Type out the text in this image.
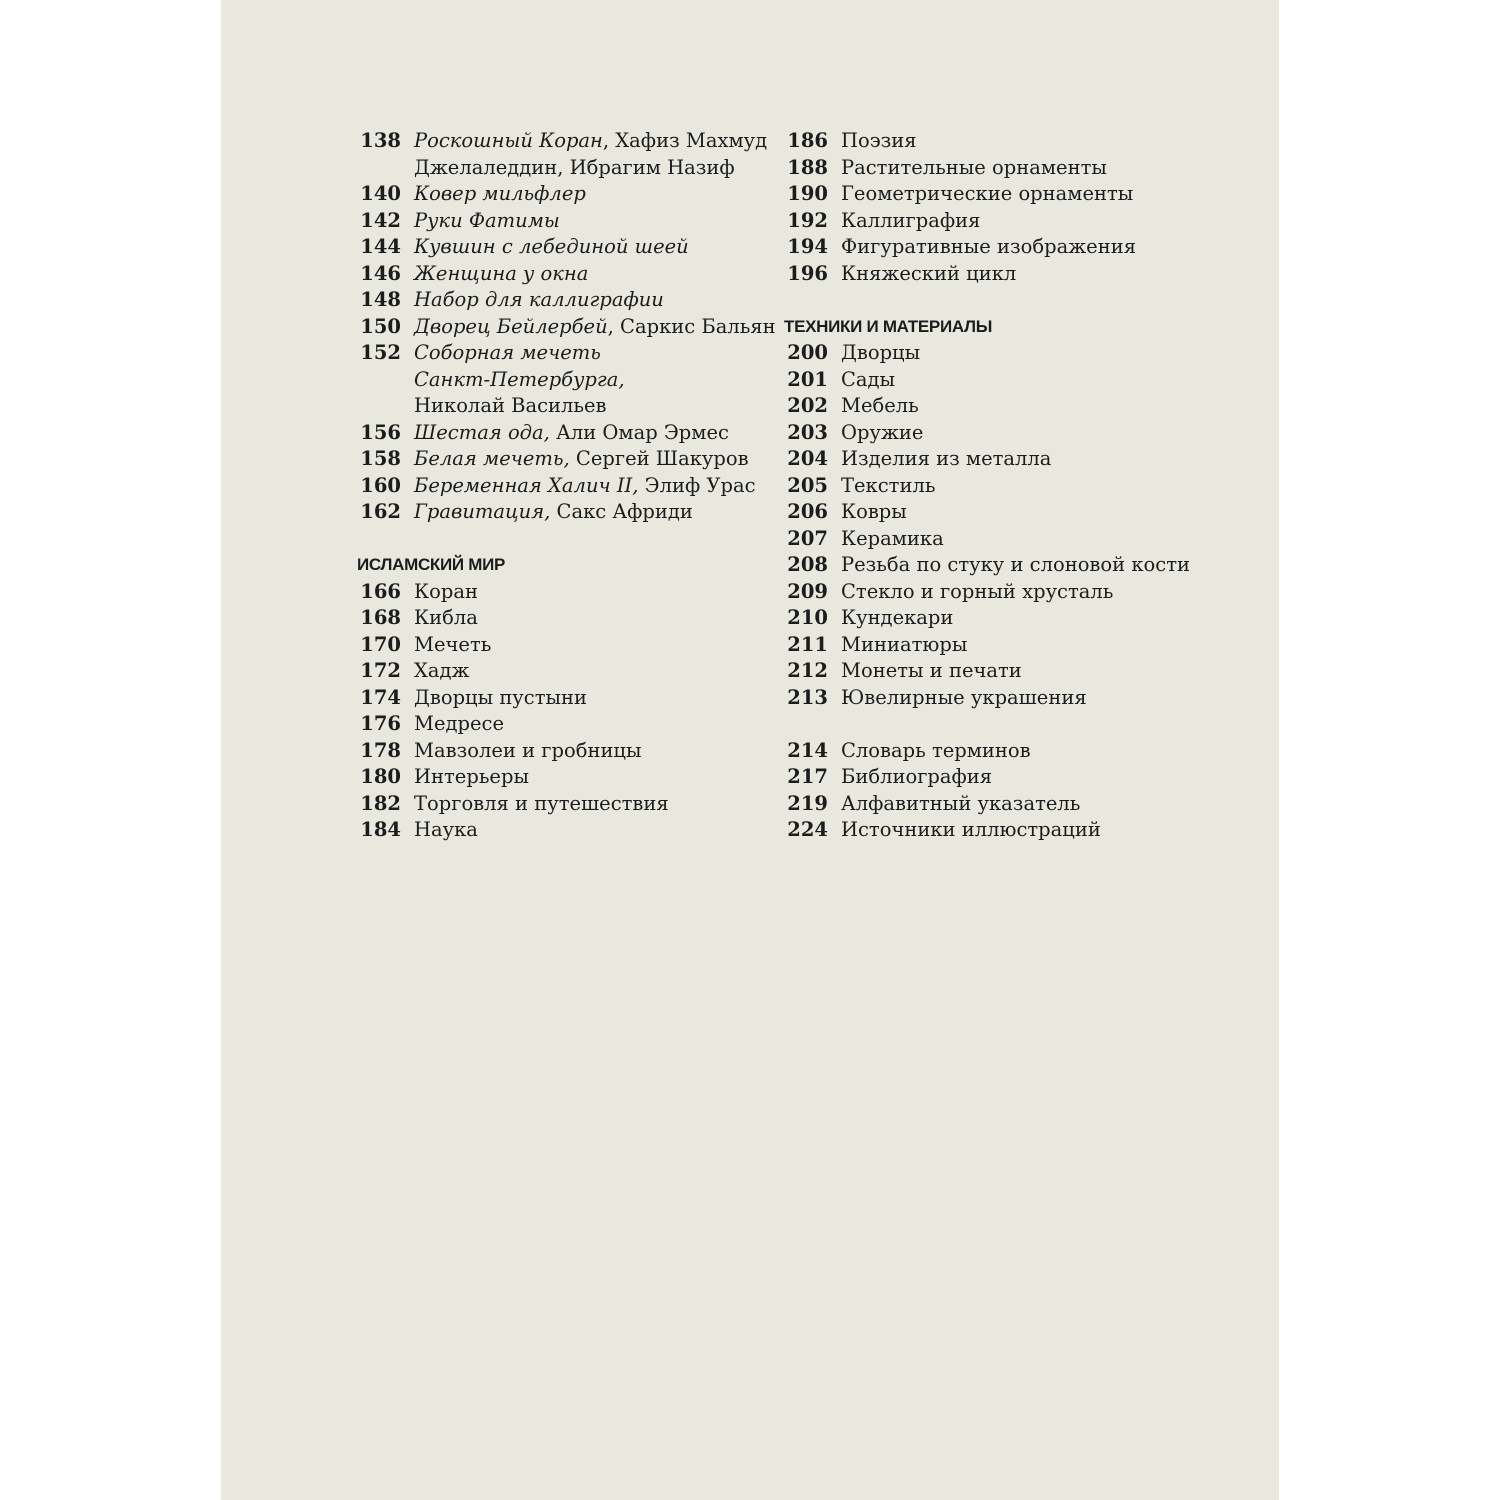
138 Роскошный Коран, Хафиз Махмуд
Джелаледдин, Ибрагим Назиф
140 Ковер мильфлер
142 Руки Фатимы
144 Кувшин с лебединой шеей
146 Женщина у окна
148 Набор для каллиграфии
150 Дворец Бейлербей, Саркис Бальян
152 Соборная мечеть
Санкт-Петербурга,
Николай Васильев
156 Шестая ода, Али Омар Эрмес
158 Белая мечеть, Сергей Шакуров
160 Беременная Халич II, Элиф Урас
162 Гравитация, Сакс Африди
ИСЛАМСКИЙ МИР
166 Коран
168 Кибла
170 Мечеть
172 Хадж
174 Дворцы пустыни
176 Медресе
178 Мавзолеи и гробницы
180 Интерьеры
182 Торговля и путешествия
184 Наука
186 Поэзия
188 Растительные орнаменты
190 Геометрические орнаменты
192 Каллиграфия
194 Фигуративные изображения
196 Княжеский цикл
ТЕХНИКИ И МАТЕРИАЛЫ
200 Дворцы
201 Сады
202 Мебель
203 Оружие
204 Изделия из металла
205 Текстиль
206 Ковры
207 Керамика
208 Резьба по стуку и слоновой кости
209 Стекло и горный хрусталь
210 Кундекари
211 Миниатюры
212 Монеты и печати
213 Ювелирные украшения
214 Словарь терминов
217 Библиография
219 Алфавитный указатель
224 Источники иллюстраций
